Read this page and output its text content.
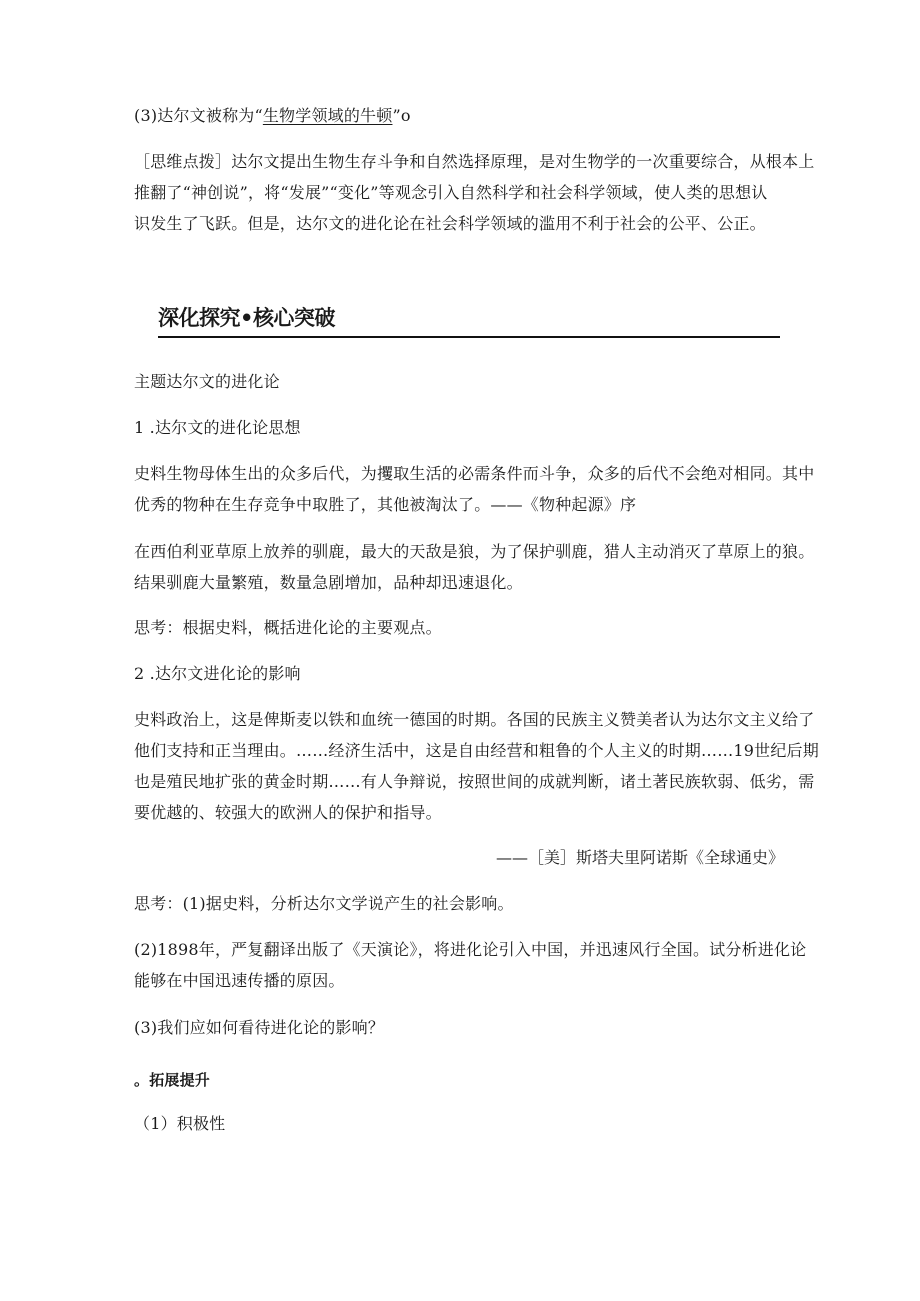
(3)达尔文被称为“生物学领域的牛顿”o
［思维点拨］达尔文提出生物生存斗争和自然选择原理，是对生物学的一次重要综合，从根本上
推翻了“神创说”，将“发展”“变化”等观念引入自然科学和社会科学领域，使人类的思想认
识发生了飞跃。但是，达尔文的进化论在社会科学领域的滥用不利于社会的公平、公正。
深化探究•核心突破
主题达尔文的进化论
1 .达尔文的进化论思想
史料生物母体生出的众多后代，为攫取生活的必需条件而斗争，众多的后代不会绝对相同。其中
优秀的物种在生存竞争中取胜了，其他被淘汰了。——《物种起源》序
在西伯利亚草原上放养的驯鹿，最大的天敌是狼，为了保护驯鹿，猎人主动消灭了草原上的狼。
结果驯鹿大量繁殖，数量急剧增加，品种却迅速退化。
思考：根据史料，概括进化论的主要观点。
2 .达尔文进化论的影响
史料政治上，这是俾斯麦以铁和血统一德国的时期。各国的民族主义赞美者认为达尔文主义给了
他们支持和正当理由。……经济生活中，这是自由经营和粗鲁的个人主义的时期……19世纪后期
也是殖民地扩张的黄金时期……有人争辩说，按照世间的成就判断，诸土著民族软弱、低劣，需
要优越的、较强大的欧洲人的保护和指导。
——［美］斯塔夫里阿诺斯《全球通史》
思考：(1)据史料，分析达尔文学说产生的社会影响。
(2)1898年，严复翻译出版了《天演论》，将进化论引入中国，并迅速风行全国。试分析进化论
能够在中国迅速传播的原因。
(3)我们应如何看待进化论的影响？
。拓展提升
（1）积极性
